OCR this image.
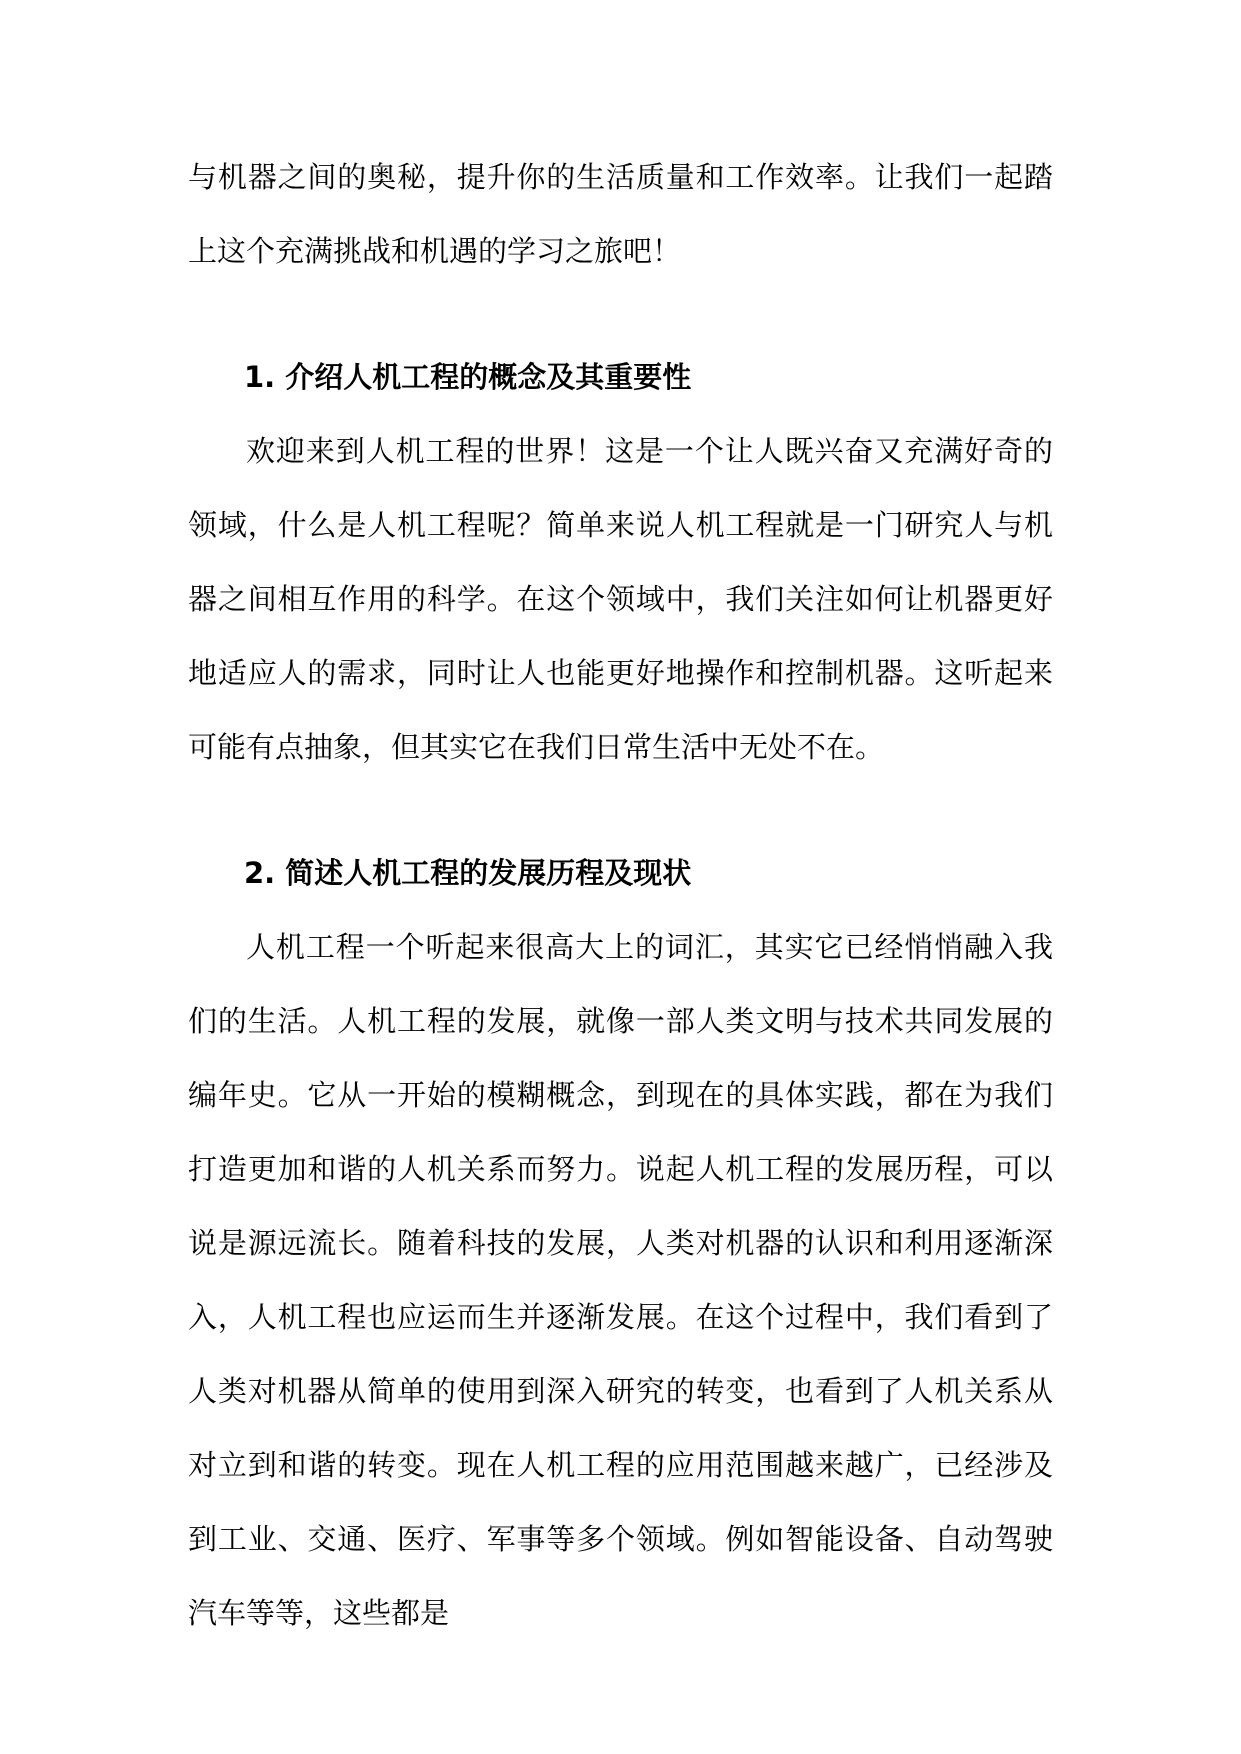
与机器之间的奥秘，提升你的生活质量和工作效率。让我们一起踏上这个充满挑战和机遇的学习之旅吧！

1. 介绍人机工程的概念及其重要性

欢迎来到人机工程的世界！这是一个让人既兴奋又充满好奇的领域，什么是人机工程呢？简单来说人机工程就是一门研究人与机器之间相互作用的科学。在这个领域中，我们关注如何让机器更好地适应人的需求，同时让人也能更好地操作和控制机器。这听起来可能有点抽象，但其实它在我们日常生活中无处不在。

2. 简述人机工程的发展历程及现状

人机工程一个听起来很高大上的词汇，其实它已经悄悄融入我们的生活。人机工程的发展，就像一部人类文明与技术共同发展的编年史。它从一开始的模糊概念，到现在的具体实践，都在为我们打造更加和谐的人机关系而努力。说起人机工程的发展历程，可以说是源远流长。随着科技的发展，人类对机器的认识和利用逐渐深入，人机工程也应运而生并逐渐发展。在这个过程中，我们看到了人类对机器从简单的使用到深入研究的转变，也看到了人机关系从对立到和谐的转变。现在人机工程的应用范围越来越广，已经涉及到工业、交通、医疗、军事等多个领域。例如智能设备、自动驾驶汽车等等，这些都是
